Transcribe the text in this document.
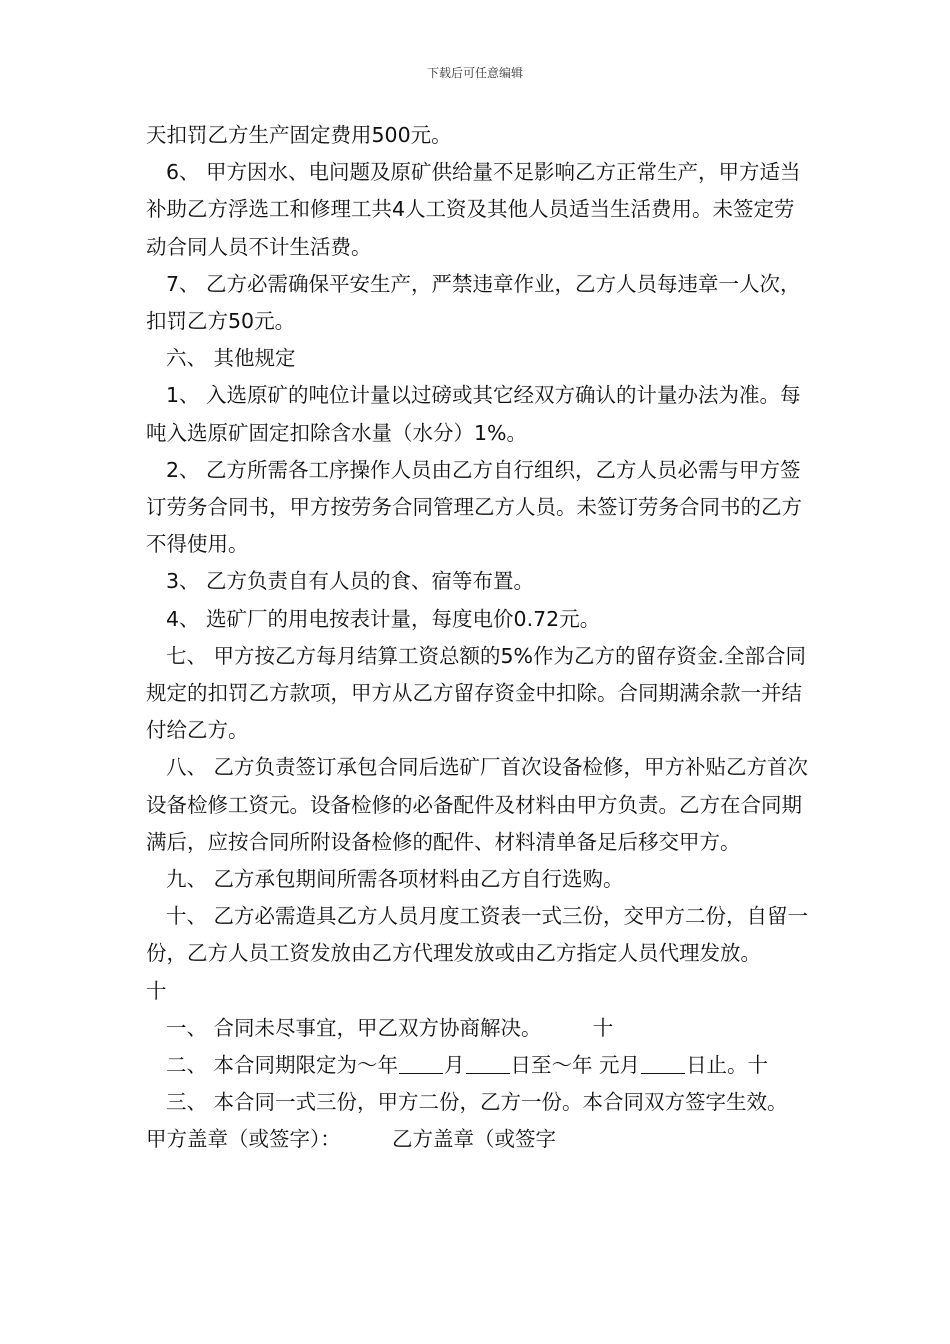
下载后可任意编辑

天扣罚乙方生产固定费用500元。

6、 甲方因水、电问题及原矿供给量不足影响乙方正常生产，甲方适当补助乙方浮选工和修理工共4人工资及其他人员适当生活费用。未签定劳动合同人员不计生活费。

7、 乙方必需确保平安生产，严禁违章作业，乙方人员每违章一人次，扣罚乙方50元。

六、 其他规定

1、 入选原矿的吨位计量以过磅或其它经双方确认的计量办法为准。每吨入选原矿固定扣除含水量（水分）1%。

2、 乙方所需各工序操作人员由乙方自行组织，乙方人员必需与甲方签订劳务合同书，甲方按劳务合同管理乙方人员。未签订劳务合同书的乙方不得使用。

3、 乙方负责自有人员的食、宿等布置。

4、 选矿厂的用电按表计量，每度电价0.72元。

七、 甲方按乙方每月结算工资总额的5%作为乙方的留存资金.全部合同规定的扣罚乙方款项，甲方从乙方留存资金中扣除。合同期满余款一并结付给乙方。

八、 乙方负责签订承包合同后选矿厂首次设备检修，甲方补贴乙方首次设备检修工资元。设备检修的必备配件及材料由甲方负责。乙方在合同期满后，应按合同所附设备检修的配件、材料清单备足后移交甲方。

九、 乙方承包期间所需各项材料由乙方自行选购。

十、 乙方必需造具乙方人员月度工资表一式三份，交甲方二份，自留一份，乙方人员工资发放由乙方代理发放或由乙方指定人员代理发放。　　　十

一、 合同未尽事宜，甲乙双方协商解决。　　　十

二、 本合同期限定为～年 月 日至～年 元月 日止。十

三、 本合同一式三份，甲方二份，乙方一份。本合同双方签字生效。 甲方盖章（或签字）：　　　乙方盖章（或签字
